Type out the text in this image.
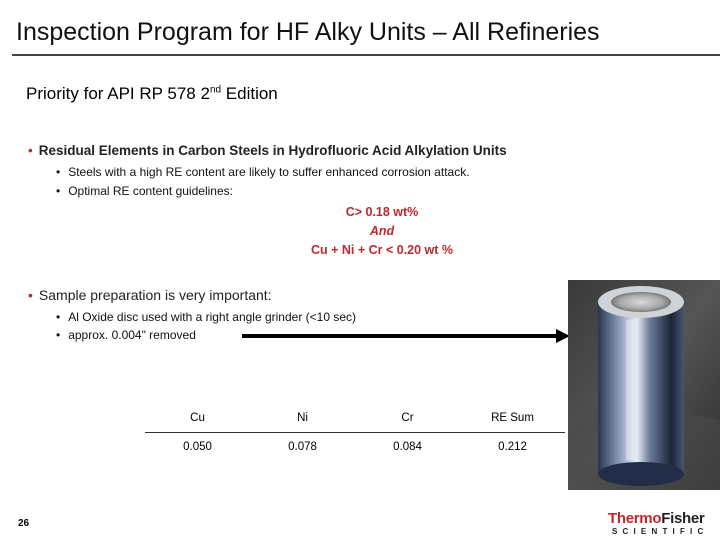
Inspection Program for HF Alky Units – All Refineries
Priority for API RP 578 2nd Edition
• Residual Elements in Carbon Steels in Hydrofluoric Acid Alkylation Units
• Steels with a high RE content are likely to suffer enhanced corrosion attack.
• Optimal RE content guidelines:
C> 0.18 wt%
And
Cu + Ni + Cr < 0.20 wt %
• Sample preparation is very important:
• Al Oxide disc used with a right angle grinder (<10 sec)
• approx. 0.004" removed
Cu	Ni	Cr	RE Sum
0.050	0.078	0.084	0.212
26	ThermoFisher
SCIENTIFIC
